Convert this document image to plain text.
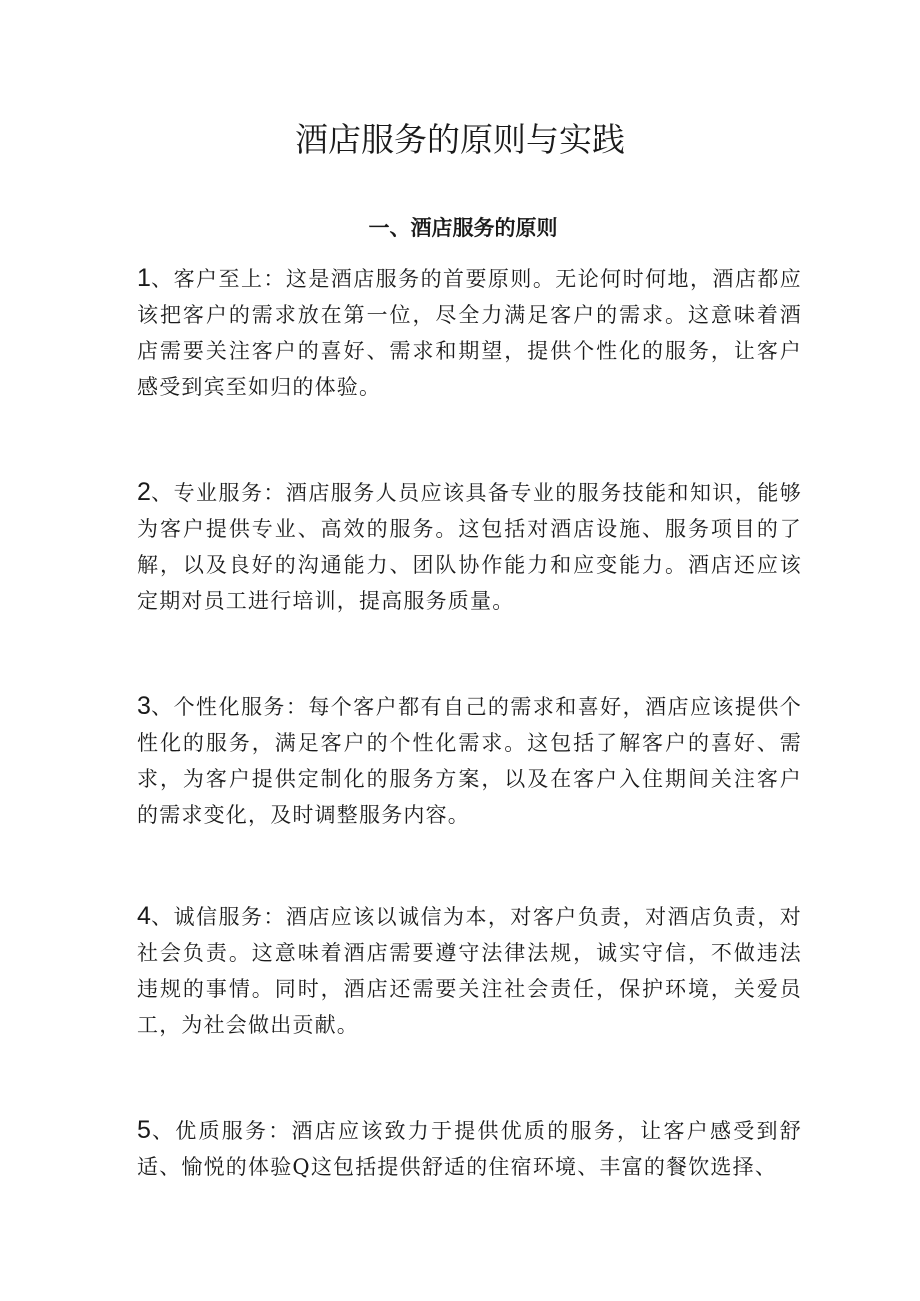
酒店服务的原则与实践
一、酒店服务的原则

1、客户至上：这是酒店服务的首要原则。无论何时何地，酒店都应该把客户的需求放在第一位，尽全力满足客户的需求。这意味着酒店需要关注客户的喜好、需求和期望，提供个性化的服务，让客户感受到宾至如归的体验。

2、专业服务：酒店服务人员应该具备专业的服务技能和知识，能够为客户提供专业、高效的服务。这包括对酒店设施、服务项目的了解，以及良好的沟通能力、团队协作能力和应变能力。酒店还应该定期对员工进行培训，提高服务质量。

3、个性化服务：每个客户都有自己的需求和喜好，酒店应该提供个性化的服务，满足客户的个性化需求。这包括了解客户的喜好、需求，为客户提供定制化的服务方案，以及在客户入住期间关注客户的需求变化，及时调整服务内容。

4、诚信服务：酒店应该以诚信为本，对客户负责，对酒店负责，对社会负责。这意味着酒店需要遵守法律法规，诚实守信，不做违法违规的事情。同时，酒店还需要关注社会责任，保护环境，关爱员工，为社会做出贡献。

5、优质服务：酒店应该致力于提供优质的服务，让客户感受到舒适、愉悦的体验Q这包括提供舒适的住宿环境、丰富的餐饮选择、
